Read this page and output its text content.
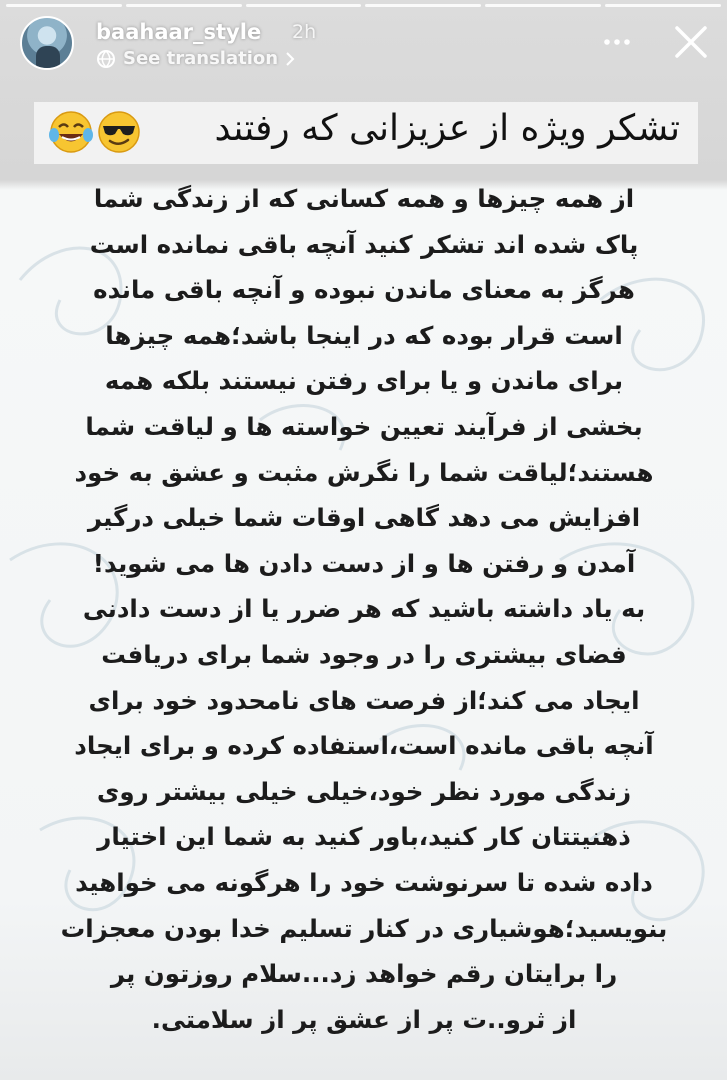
baahaar_style 2h
See translation
تشکر ویژه از عزیزانی که رفتند
از همه چیزها و همه کسانی که از زندگی شما
پاک شده اند تشکر کنید آنچه باقی نمانده است
هرگز به معنای ماندن نبوده و آنچه باقی مانده
است قرار بوده که در اینجا باشد؛همه چیزها
برای ماندن و یا برای رفتن نیستند بلکه همه
بخشی از فرآیند تعیین خواسته ها و لیاقت شما
هستند؛لیاقت شما را نگرش مثبت و عشق به خود
افزایش می دهد گاهی اوقات شما خیلی درگیر
آمدن و رفتن ها و از دست دادن ها می شوید!
به یاد داشته باشید که هر ضرر یا از دست دادنی
فضای بیشتری را در وجود شما برای دریافت
ایجاد می کند؛از فرصت های نامحدود خود برای
آنچه باقی مانده است،استفاده کرده و برای ایجاد
زندگی مورد نظر خود،خیلی خیلی بیشتر روی
ذهنیتتان کار کنید،باور کنید به شما این اختیار
داده شده تا سرنوشت خود را هرگونه می خواهید
بنویسید؛هوشیاری در کنار تسلیم خدا بودن معجزات
را برایتان رقم خواهد زد...سلام روزتون پر
از ثرو..ت پر از عشق پر از سلامتی.
